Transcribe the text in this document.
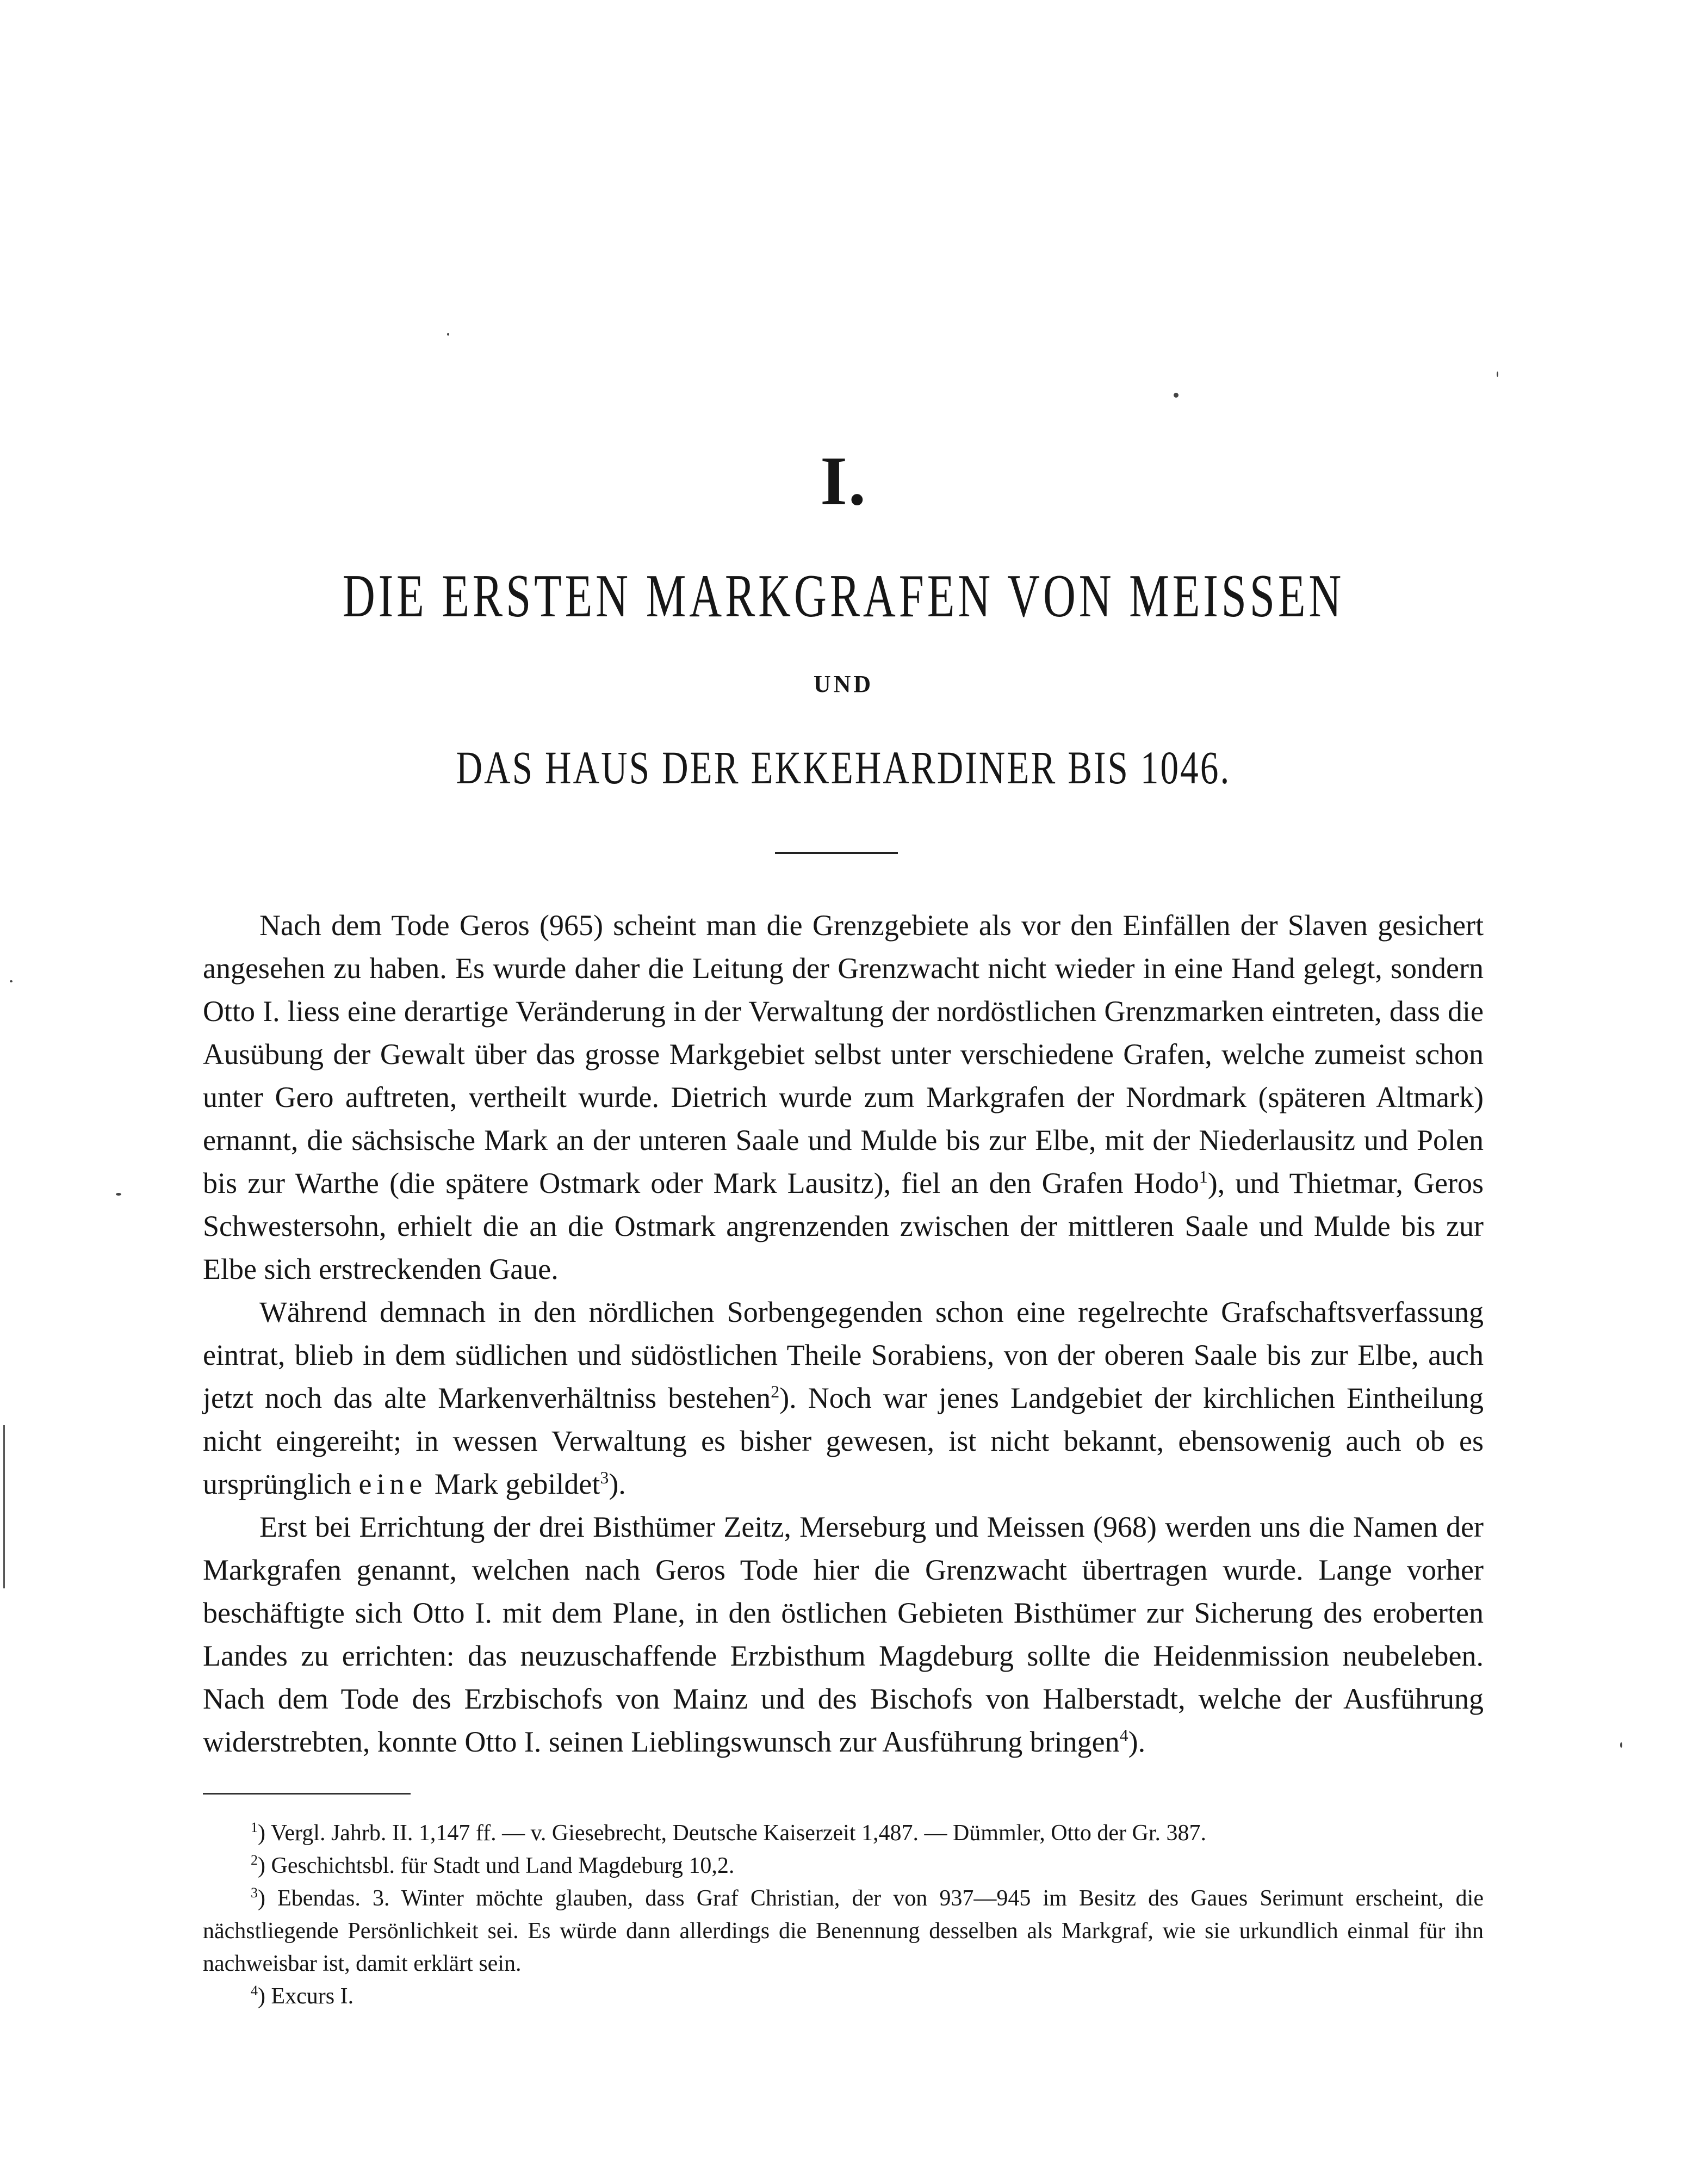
I.
DIE ERSTEN MARKGRAFEN VON MEISSEN
UND
DAS HAUS DER EKKEHARDINER BIS 1046.

Nach dem Tode Geros (965) scheint man die Grenzgebiete als vor den Einfällen der Slaven gesichert angesehen zu haben. Es wurde daher die Leitung der Grenzwacht nicht wieder in eine Hand gelegt, sondern Otto I. liess eine derartige Veränderung in der Verwaltung der nordöstlichen Grenzmarken eintreten, dass die Ausübung der Gewalt über das grosse Markgebiet selbst unter verschiedene Grafen, welche zumeist schon unter Gero auftreten, vertheilt wurde. Dietrich wurde zum Markgrafen der Nordmark (späteren Altmark) ernannt, die sächsische Mark an der unteren Saale und Mulde bis zur Elbe, mit der Niederlausitz und Polen bis zur Warthe (die spätere Ostmark oder Mark Lausitz), fiel an den Grafen Hodo$^1$), und Thietmar, Geros Schwestersohn, erhielt die an die Ostmark angrenzenden zwischen der mittleren Saale und Mulde bis zur Elbe sich erstreckenden Gaue.

Während demnach in den nördlichen Sorbengegenden schon eine regelrechte Grafschaftsverfassung eintrat, blieb in dem südlichen und südöstlichen Theile Sorabiens, von der oberen Saale bis zur Elbe, auch jetzt noch das alte Markenverhältniss bestehen$^2$). Noch war jenes Landgebiet der kirchlichen Eintheilung nicht eingereiht; in wessen Verwaltung es bisher gewesen, ist nicht bekannt, ebensowenig auch ob es ursprünglich eine Mark gebildet$^3$).

Erst bei Errichtung der drei Bisthümer Zeitz, Merseburg und Meissen (968) werden uns die Namen der Markgrafen genannt, welchen nach Geros Tode hier die Grenzwacht übertragen wurde. Lange vorher beschäftigte sich Otto I. mit dem Plane, in den östlichen Gebieten Bisthümer zur Sicherung des eroberten Landes zu errichten: das neuzuschaffende Erzbisthum Magdeburg sollte die Heidenmission neubeleben. Nach dem Tode des Erzbischofs von Mainz und des Bischofs von Halberstadt, welche der Ausführung widerstrebten, konnte Otto I. seinen Lieblingswunsch zur Ausführung bringen$^4$).

$^1$) Vergl. Jahrb. II. 1,147 ff. — v. Giesebrecht, Deutsche Kaiserzeit 1,487. — Dümmler, Otto der Gr. 387.

$^2$) Geschichtsbl. für Stadt und Land Magdeburg 10,2.

$^3$) Ebendas. 3. Winter möchte glauben, dass Graf Christian, der von 937—945 im Besitz des Gaues Serimunt erscheint, die nächstliegende Persönlichkeit sei. Es würde dann allerdings die Benennung desselben als Markgraf, wie sie urkundlich einmal für ihn nachweisbar ist, damit erklärt sein.

$^4$) Excurs I.
